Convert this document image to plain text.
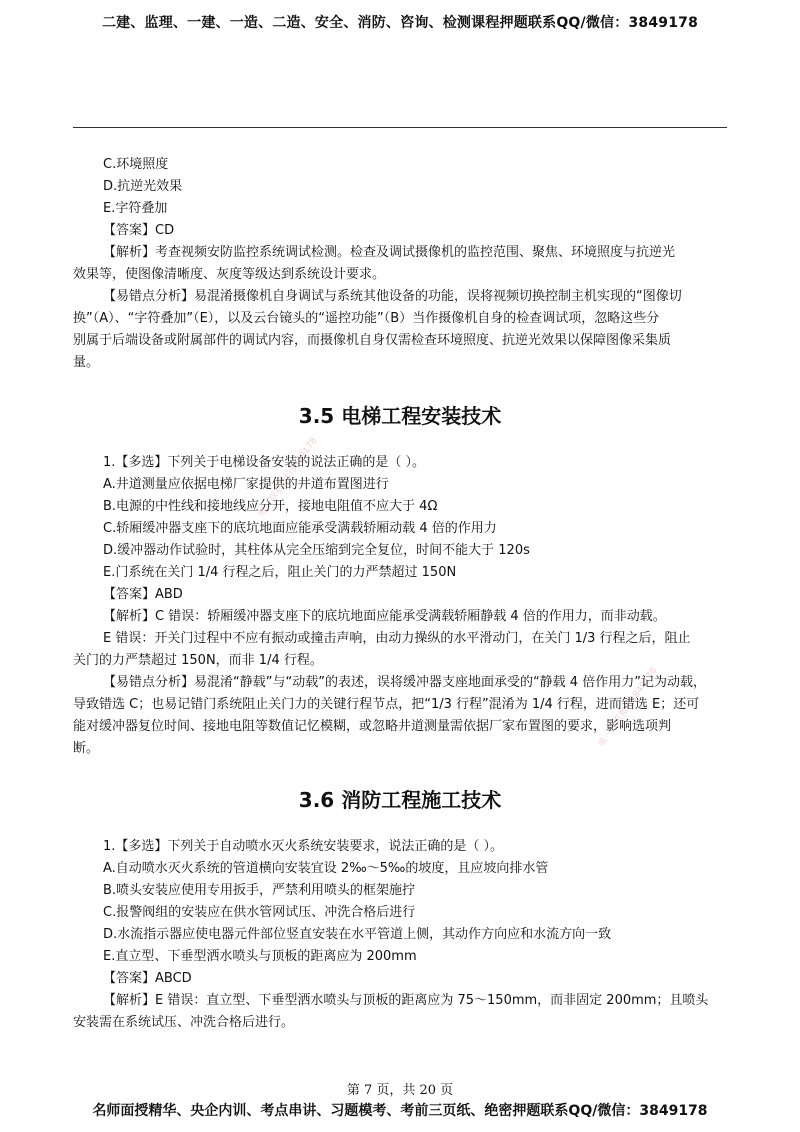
二建、监理、一建、一造、二造、安全、消防、咨询、检测课程押题联系QQ/微信：3849178
唯一联系微信3849178
唯一联系微信3849178
C.环境照度
D.抗逆光效果
E.字符叠加
【答案】CD
【解析】考查视频安防监控系统调试检测。检查及调试摄像机的监控范围、聚焦、环境照度与抗逆光
效果等，使图像清晰度、灰度等级达到系统设计要求。
【易错点分析】易混淆摄像机自身调试与系统其他设备的功能，误将视频切换控制主机实现的“图像切
换”（A）、“字符叠加”（E），以及云台镜头的“遥控功能”（B）当作摄像机自身的检查调试项，忽略这些分
别属于后端设备或附属部件的调试内容，而摄像机自身仅需检查环境照度、抗逆光效果以保障图像采集质
量。
3.5 电梯工程安装技术
1.【多选】下列关于电梯设备安装的说法正确的是（ ）。
A.井道测量应依据电梯厂家提供的井道布置图进行
B.电源的中性线和接地线应分开，接地电阻值不应大于 4Ω
C.轿厢缓冲器支座下的底坑地面应能承受满载轿厢动载 4 倍的作用力
D.缓冲器动作试验时，其柱体从完全压缩到完全复位，时间不能大于 120s
E.门系统在关门 1/4 行程之后，阻止关门的力严禁超过 150N
【答案】ABD
【解析】C 错误：轿厢缓冲器支座下的底坑地面应能承受满载轿厢静载 4 倍的作用力，而非动载。
E 错误：开关门过程中不应有振动或撞击声响，由动力操纵的水平滑动门，在关门 1/3 行程之后，阻止
关门的力严禁超过 150N，而非 1/4 行程。
【易错点分析】易混淆“静载”与“动载”的表述，误将缓冲器支座地面承受的“静载 4 倍作用力”记为动载，
导致错选 C；也易记错门系统阻止关门力的关键行程节点，把“1/3 行程”混淆为 1/4 行程，进而错选 E；还可
能对缓冲器复位时间、接地电阻等数值记忆模糊，或忽略井道测量需依据厂家布置图的要求，影响选项判
断。
3.6 消防工程施工技术
1.【多选】下列关于自动喷水灭火系统安装要求，说法正确的是（ ）。
A.自动喷水灭火系统的管道横向安装宜设 2‰～5‰的坡度，且应坡向排水管
B.喷头安装应使用专用扳手，严禁利用喷头的框架施拧
C.报警阀组的安装应在供水管网试压、冲洗合格后进行
D.水流指示器应使电器元件部位竖直安装在水平管道上侧，其动作方向应和水流方向一致
E.直立型、下垂型洒水喷头与顶板的距离应为 200mm
【答案】ABCD
【解析】E 错误：直立型、下垂型洒水喷头与顶板的距离应为 75～150mm，而非固定 200mm；且喷头
安装需在系统试压、冲洗合格后进行。
第 7 页，共 20 页
名师面授精华、央企内训、考点串讲、习题模考、考前三页纸、绝密押题联系QQ/微信：3849178
